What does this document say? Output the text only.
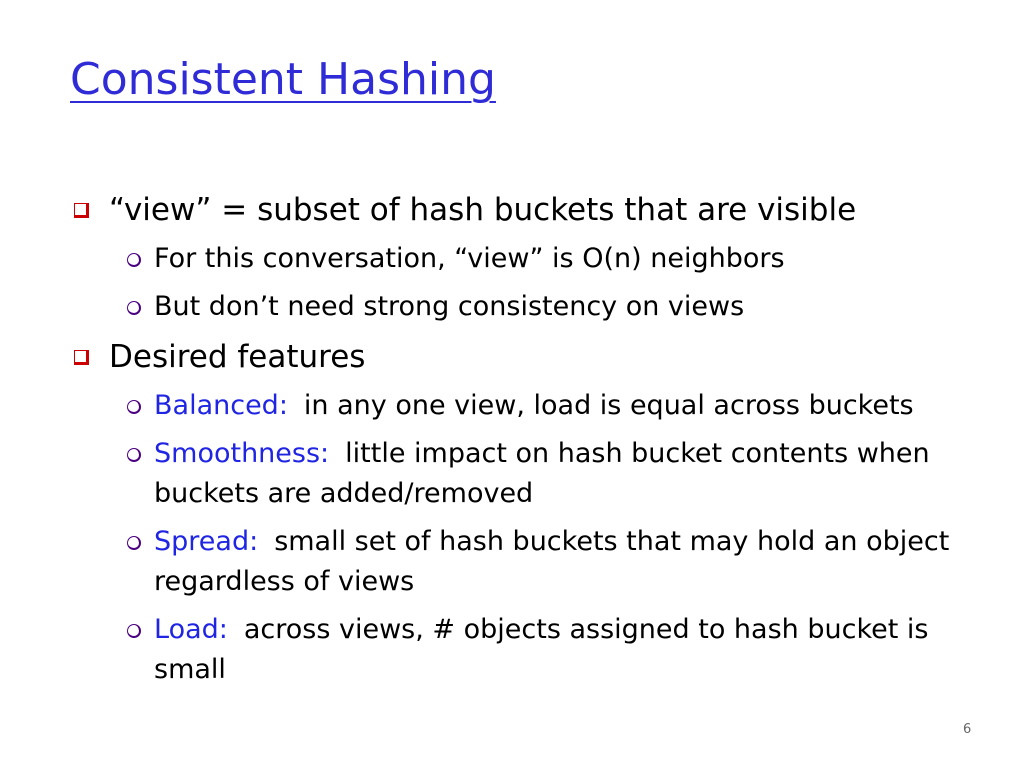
Consistent Hashing
“view” = subset of hash buckets that are visible
For this conversation, “view” is O(n) neighbors
But don’t need strong consistency on views
Desired features
Balanced: in any one view, load is equal across buckets
Smoothness: little impact on hash bucket contents when buckets are added/removed
Spread: small set of hash buckets that may hold an object regardless of views
Load: across views, # objects assigned to hash bucket is small
6
